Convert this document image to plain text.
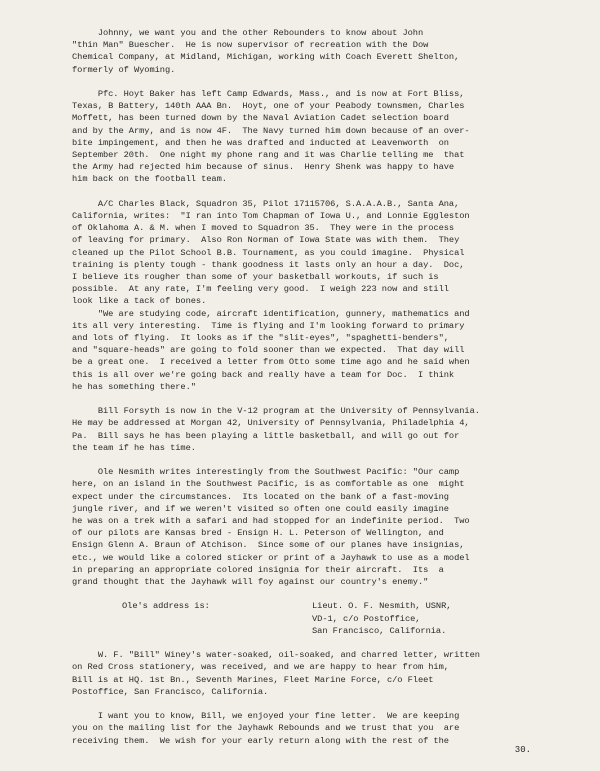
Johnny, we want you and the other Rebounders to know about John
"thin Man" Buescher.  He is now supervisor of recreation with the Dow
Chemical Company, at Midland, Michigan, working with Coach Everett Shelton,
formerly of Wyoming.
Pfc. Hoyt Baker has left Camp Edwards, Mass., and is now at Fort Bliss,
Texas, B Battery, 140th AAA Bn.  Hoyt, one of your Peabody townsmen, Charles
Moffett, has been turned down by the Naval Aviation Cadet selection board
and by the Army, and is now 4F.  The Navy turned him down because of an over-
bite impingement, and then he was drafted and inducted at Leavenworth  on
September 20th.  One night my phone rang and it was Charlie telling me  that
the Army had rejected him because of sinus.  Henry Shenk was happy to have
him back on the football team.
A/C Charles Black, Squadron 35, Pilot 17115706, S.A.A.A.B., Santa Ana,
California, writes:  "I ran into Tom Chapman of Iowa U., and Lonnie Eggleston
of Oklahoma A. & M. when I moved to Squadron 35.  They were in the process
of leaving for primary.  Also Ron Norman of Iowa State was with them.  They
cleaned up the Pilot School B.B. Tournament, as you could imagine.  Physical
training is plenty tough - thank goodness it lasts only an hour a day.  Doc,
I believe its rougher than some of your basketball workouts, if such is
possible.  At any rate, I'm feeling very good.  I weigh 223 now and still
look like a tack of bones.
"We are studying code, aircraft identification, gunnery, mathematics and
its all very interesting.  Time is flying and I'm looking forward to primary
and lots of flying.  It looks as if the "slit-eyes", "spaghetti-benders",
and "square-heads" are going to fold sooner than we expected.  That day will
be a great one.  I received a letter from Otto some time ago and he said when
this is all over we're going back and really have a team for Doc.  I think
he has something there."
Bill Forsyth is now in the V-12 program at the University of Pennsylvania.
He may be addressed at Morgan 42, University of Pennsylvania, Philadelphia 4,
Pa.  Bill says he has been playing a little basketball, and will go out for
the team if he has time.
Ole Nesmith writes interestingly from the Southwest Pacific: "Our camp
here, on an island in the Southwest Pacific, is as comfortable as one  might
expect under the circumstances.  Its located on the bank of a fast-moving
jungle river, and if we weren't visited so often one could easily imagine
he was on a trek with a safari and had stopped for an indefinite period.  Two
of our pilots are Kansas bred - Ensign H. L. Peterson of Wellington, and
Ensign Glenn A. Braun of Atchison.  Since some of our planes have insignias,
etc., we would like a colored sticker or print of a Jayhawk to use as a model
in preparing an appropriate colored insignia for their aircraft.  Its  a
grand thought that the Jayhawk will foy against our country's enemy."
Ole's address is:	Lieut. O. F. Nesmith, USNR,
VD-1, c/o Postoffice,
San Francisco, California.
W. F. "Bill" Winey's water-soaked, oil-soaked, and charred letter, written
on Red Cross stationery, was received, and we are happy to hear from him,
Bill is at HQ. 1st Bn., Seventh Marines, Fleet Marine Force, c/o Fleet
Postoffice, San Francisco, California.
I want you to know, Bill, we enjoyed your fine letter.  We are keeping
you on the mailing list for the Jayhawk Rebounds and we trust that you  are
receiving them.  We wish for your early return along with the rest of the
30.
